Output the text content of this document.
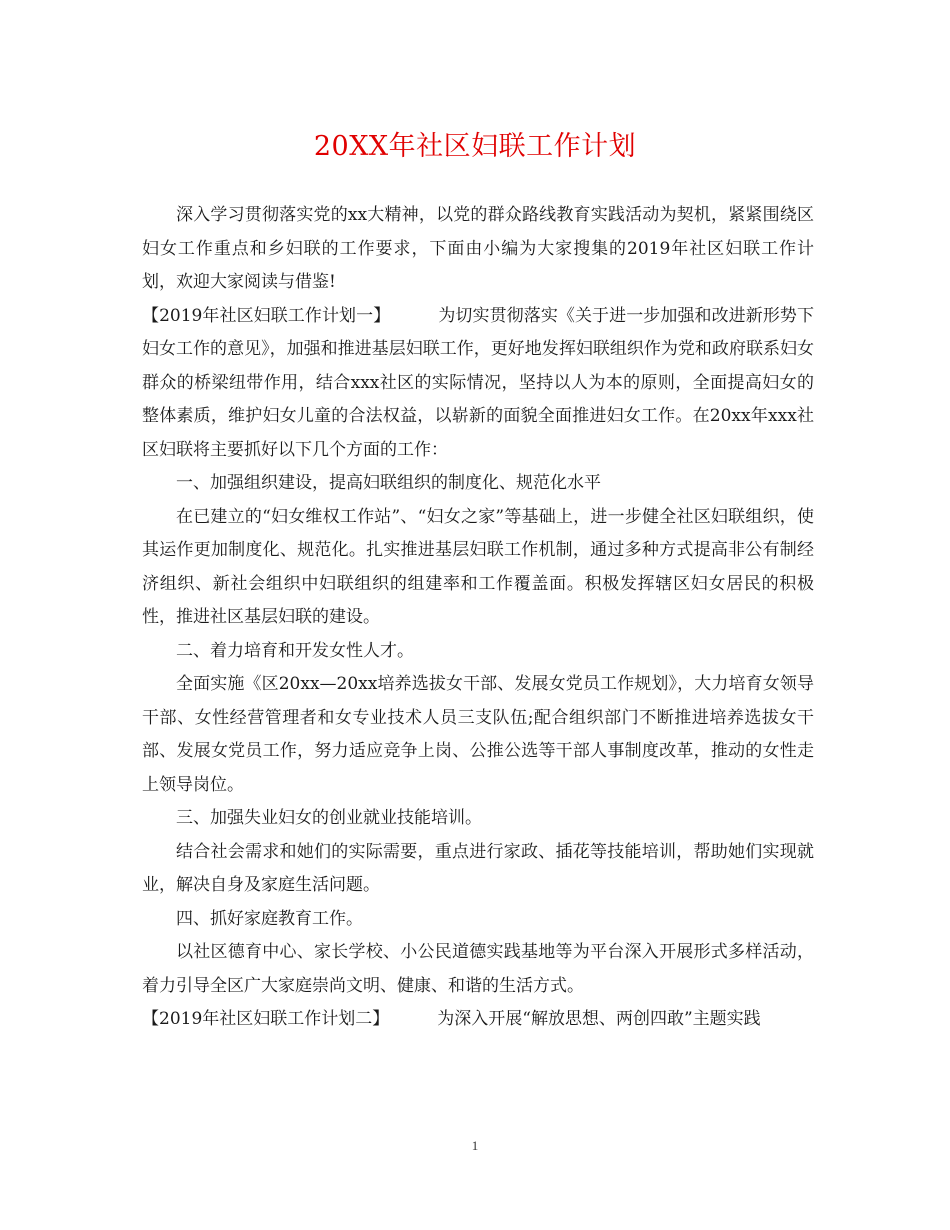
20XX年社区妇联工作计划

深入学习贯彻落实党的xx大精神，以党的群众路线教育实践活动为契机，紧紧围绕区妇女工作重点和乡妇联的工作要求，下面由小编为大家搜集的2019年社区妇联工作计划，欢迎大家阅读与借鉴!

【2019年社区妇联工作计划一】	为切实贯彻落实《关于进一步加强和改进新形势下妇女工作的意见》，加强和推进基层妇联工作，更好地发挥妇联组织作为党和政府联系妇女群众的桥梁纽带作用，结合xxx社区的实际情况，坚持以人为本的原则，全面提高妇女的整体素质，维护妇女儿童的合法权益，以崭新的面貌全面推进妇女工作。在20xx年xxx社区妇联将主要抓好以下几个方面的工作：

一、加强组织建设，提高妇联组织的制度化、规范化水平

在已建立的“妇女维权工作站”、“妇女之家”等基础上，进一步健全社区妇联组织，使其运作更加制度化、规范化。扎实推进基层妇联工作机制，通过多种方式提高非公有制经济组织、新社会组织中妇联组织的组建率和工作覆盖面。积极发挥辖区妇女居民的积极性，推进社区基层妇联的建设。

二、着力培育和开发女性人才。

全面实施《区20xx—20xx培养选拔女干部、发展女党员工作规划》，大力培育女领导干部、女性经营管理者和女专业技术人员三支队伍;配合组织部门不断推进培养选拔女干部、发展女党员工作，努力适应竞争上岗、公推公选等干部人事制度改革，推动的女性走上领导岗位。

三、加强失业妇女的创业就业技能培训。

结合社会需求和她们的实际需要，重点进行家政、插花等技能培训，帮助她们实现就业，解决自身及家庭生活问题。

四、抓好家庭教育工作。

以社区德育中心、家长学校、小公民道德实践基地等为平台深入开展形式多样活动，着力引导全区广大家庭崇尚文明、健康、和谐的生活方式。

【2019年社区妇联工作计划二】	为深入开展“解放思想、两创四敢”主题实践

1
